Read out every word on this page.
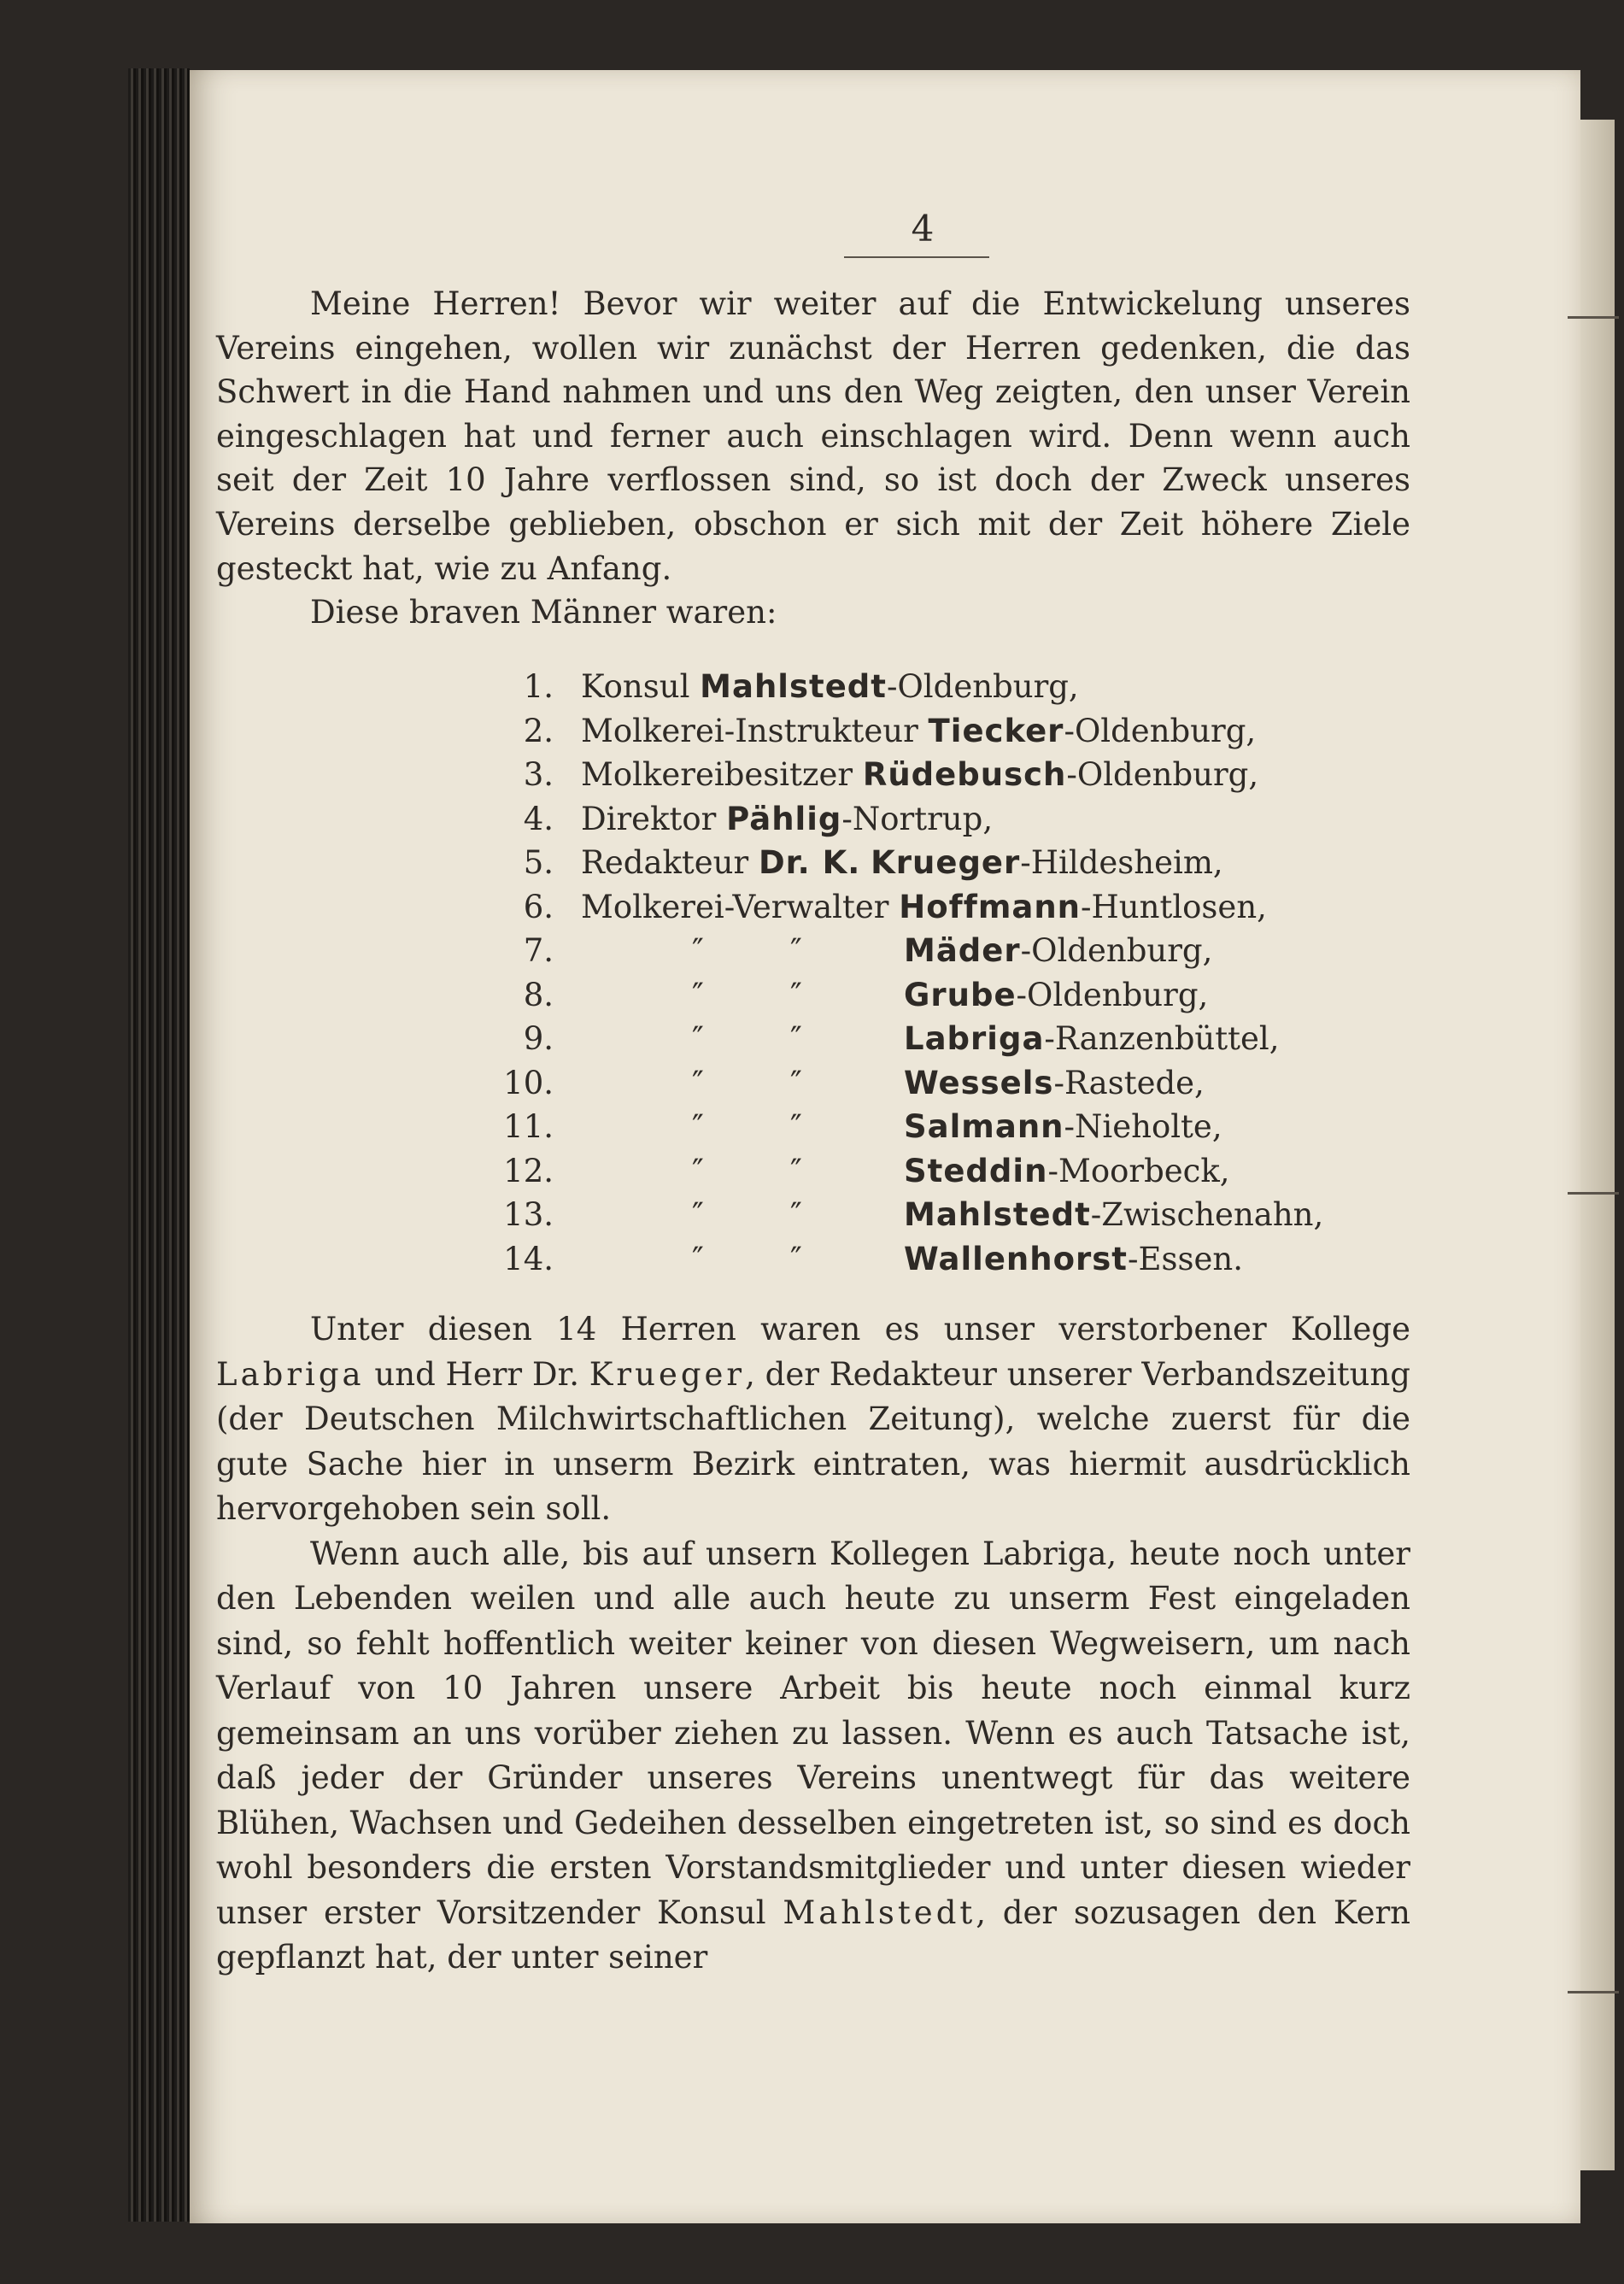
4

Meine Herren! Bevor wir weiter auf die Entwickelung unseres Vereins eingehen, wollen wir zunächst der Herren gedenken, die das Schwert in die Hand nahmen und uns den Weg zeigten, den unser Verein eingeschlagen hat und ferner auch einschlagen wird. Denn wenn auch seit der Zeit 10 Jahre verflossen sind, so ist doch der Zweck unseres Vereins derselbe geblieben, obschon er sich mit der Zeit höhere Ziele gesteckt hat, wie zu Anfang.

Diese braven Männer waren:

1. Konsul Mahlstedt-Oldenburg,
2. Molkerei-Instrukteur Tiecker-Oldenburg,
3. Molkereibesitzer Rüdebusch-Oldenburg,
4. Direktor Pählig-Nortrup,
5. Redakteur Dr. K. Krueger-Hildesheim,
6. Molkerei-Verwalter Hoffmann-Huntlosen,
7.	″	″	Mäder-Oldenburg,
8.	″	″	Grube-Oldenburg,
9.	″	″	Labriga-Ranzenbüttel,
10.	″	″	Wessels-Rastede,
11.	″	″	Salmann-Nieholte,
12.	″	″	Steddin-Moorbeck,
13.	″	″	Mahlstedt-Zwischenahn,
14.	″	″	Wallenhorst-Essen.

Unter diesen 14 Herren waren es unser verstorbener Kollege Labriga und Herr Dr. Krueger, der Redakteur unserer Verbandszeitung (der Deutschen Milchwirtschaftlichen Zeitung), welche zuerst für die gute Sache hier in unserm Bezirk eintraten, was hiermit ausdrücklich hervorgehoben sein soll.

Wenn auch alle, bis auf unsern Kollegen Labriga, heute noch unter den Lebenden weilen und alle auch heute zu unserm Fest eingeladen sind, so fehlt hoffentlich weiter keiner von diesen Wegweisern, um nach Verlauf von 10 Jahren unsere Arbeit bis heute noch einmal kurz gemeinsam an uns vorüber ziehen zu lassen. Wenn es auch Tatsache ist, daß jeder der Gründer unseres Vereins unentwegt für das weitere Blühen, Wachsen und Gedeihen desselben eingetreten ist, so sind es doch wohl besonders die ersten Vorstandsmitglieder und unter diesen wieder unser erster Vorsitzender Konsul Mahlstedt, der sozusagen den Kern gepflanzt hat, der unter seiner
